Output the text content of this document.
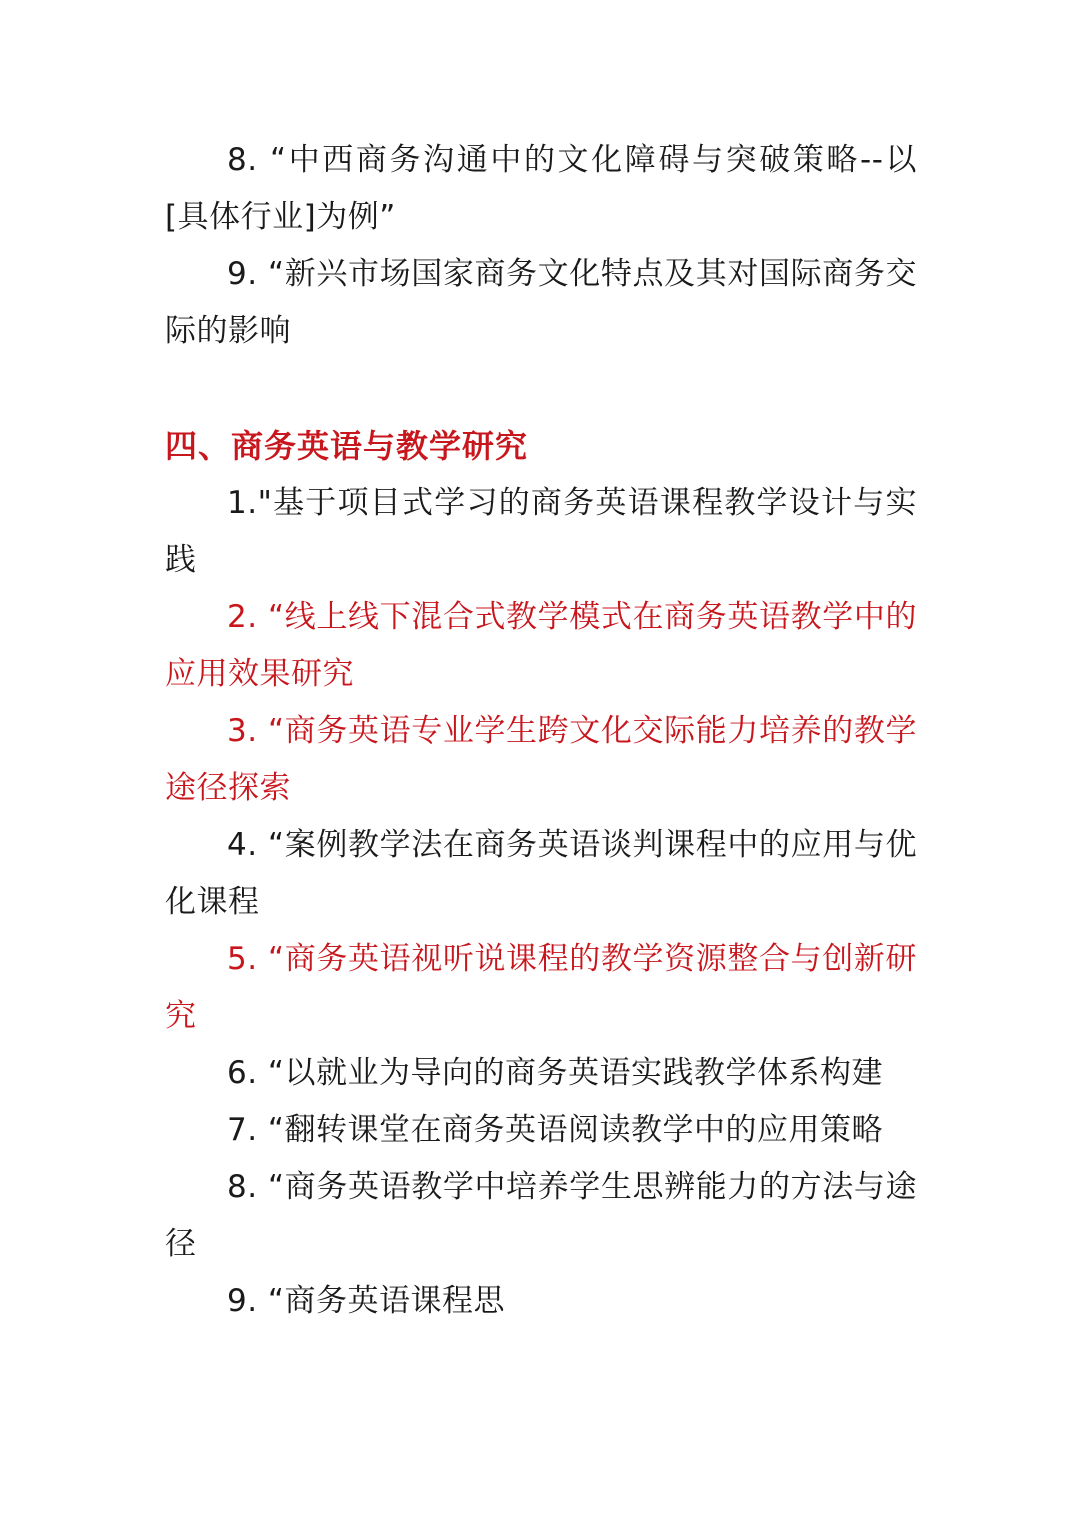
8. “中西商务沟通中的文化障碍与突破策略--以[具体行业]为例”

9. “新兴市场国家商务文化特点及其对国际商务交际的影响

四、商务英语与教学研究

1."基于项目式学习的商务英语课程教学设计与实践

2. “线上线下混合式教学模式在商务英语教学中的应用效果研究

3. “商务英语专业学生跨文化交际能力培养的教学途径探索

4. “案例教学法在商务英语谈判课程中的应用与优化课程

5. “商务英语视听说课程的教学资源整合与创新研究

6. “以就业为导向的商务英语实践教学体系构建

7. “翻转课堂在商务英语阅读教学中的应用策略

8. “商务英语教学中培养学生思辨能力的方法与途径

9. “商务英语课程思
